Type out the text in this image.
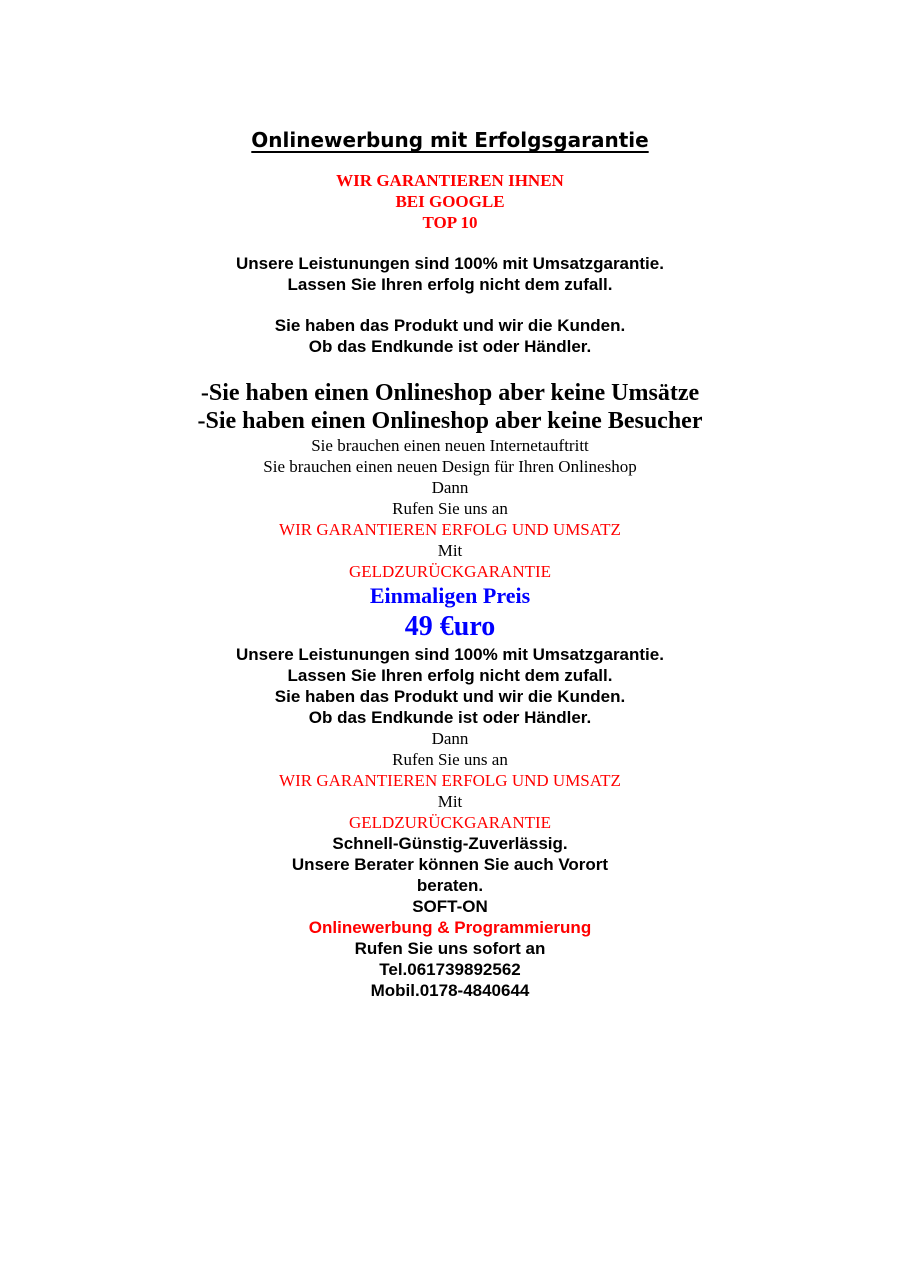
Onlinewerbung mit Erfolgsgarantie
WIR GARANTIEREN IHNEN
BEI GOOGLE
TOP 10
Unsere Leistunungen sind 100% mit Umsatzgarantie.
Lassen Sie Ihren erfolg nicht dem zufall.
Sie haben das Produkt und wir die Kunden.
Ob das Endkunde ist oder Händler.
-Sie haben einen Onlineshop aber keine Umsätze
-Sie haben einen Onlineshop aber keine Besucher
Sie brauchen einen neuen Internetauftritt
Sie brauchen einen neuen Design für Ihren Onlineshop
Dann
Rufen Sie uns an
WIR GARANTIEREN ERFOLG UND UMSATZ
Mit
GELDZURÜCKGARANTIE
Einmaligen Preis
49 €uro
Unsere Leistunungen sind 100% mit Umsatzgarantie.
Lassen Sie Ihren erfolg nicht dem zufall.
Sie haben das Produkt und wir die Kunden.
Ob das Endkunde ist oder Händler.
Dann
Rufen Sie uns an
WIR GARANTIEREN ERFOLG UND UMSATZ
Mit
GELDZURÜCKGARANTIE
Schnell-Günstig-Zuverlässig.
Unsere Berater können Sie auch Vorort
beraten.
SOFT-ON
Onlinewerbung & Programmierung
Rufen Sie uns sofort an
Tel.061739892562
Mobil.0178-4840644
